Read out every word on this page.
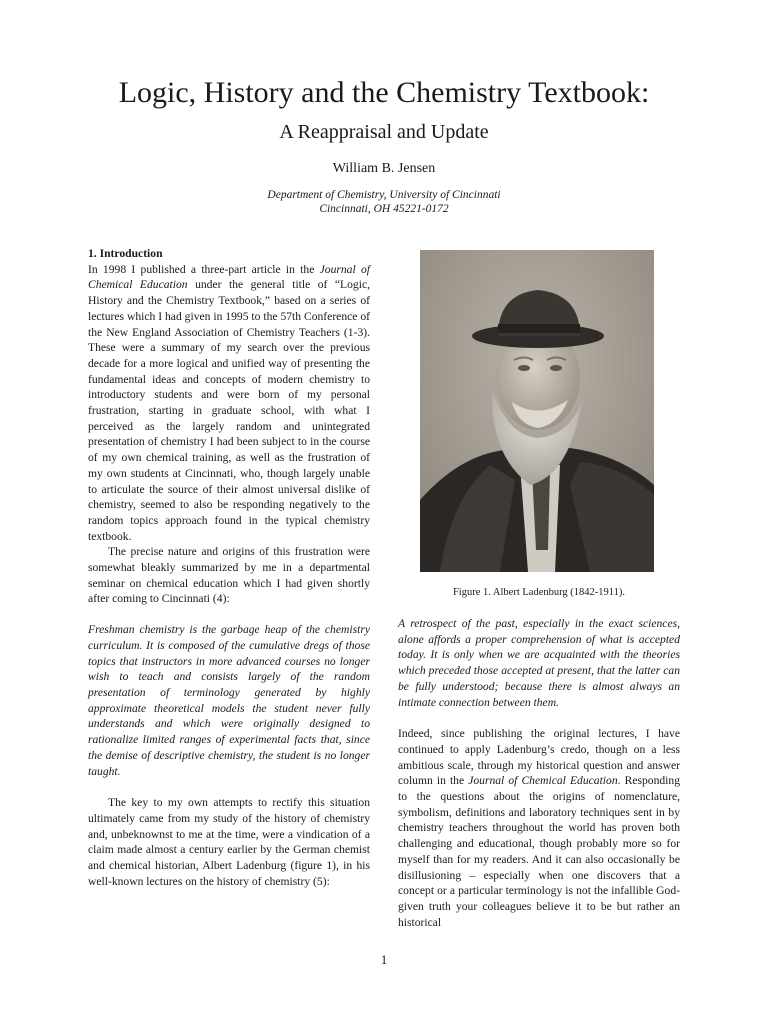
Logic, History and the Chemistry Textbook:
A Reappraisal and Update
William B. Jensen
Department of Chemistry, University of Cincinnati
Cincinnati, OH 45221-0172

1. Introduction

In 1998 I published a three-part article in the Journal of Chemical Education under the general title of “Logic, History and the Chemistry Textbook,” based on a series of lectures which I had given in 1995 to the 57th Conference of the New England Association of Chemistry Teachers (1-3). These were a summary of my search over the previous decade for a more logical and unified way of presenting the fundamental ideas and concepts of modern chemistry to introductory students and were born of my personal frustration, starting in graduate school, with what I perceived as the largely random and unintegrated presentation of chemistry I had been subject to in the course of my own chemical training, as well as the frustration of my own students at Cincinnati, who, though largely unable to articulate the source of their almost universal dislike of chemistry, seemed to also be responding negatively to the random topics approach found in the typical chemistry textbook.

The precise nature and origins of this frustration were somewhat bleakly summarized by me in a departmental seminar on chemical education which I had given shortly after coming to Cincinnati (4):

Freshman chemistry is the garbage heap of the chemistry curriculum. It is composed of the cumulative dregs of those topics that instructors in more advanced courses no longer wish to teach and consists largely of the random presentation of terminology generated by highly approximate theoretical models the student never fully understands and which were originally designed to rationalize limited ranges of experimental facts that, since the demise of descriptive chemistry, the student is no longer taught.

The key to my own attempts to rectify this situation ultimately came from my study of the history of chemistry and, unbeknownst to me at the time, were a vindication of a claim made almost a century earlier by the German chemist and chemical historian, Albert Ladenburg (figure 1), in his well-known lectures on the history of chemistry (5):

Figure 1. Albert Ladenburg (1842-1911).

A retrospect of the past, especially in the exact sciences, alone affords a proper comprehension of what is accepted today. It is only when we are acquainted with the theories which preceded those accepted at present, that the latter can be fully understood; because there is almost always an intimate connection between them.

Indeed, since publishing the original lectures, I have continued to apply Ladenburg’s credo, though on a less ambitious scale, through my historical question and answer column in the Journal of Chemical Education. Responding to the questions about the origins of nomenclature, symbolism, definitions and laboratory techniques sent in by chemistry teachers throughout the world has proven both challenging and educational, though probably more so for myself than for my readers. And it can also occasionally be disillusioning – especially when one discovers that a concept or a particular terminology is not the infallible God-given truth your colleagues believe it to be but rather an historical

1
